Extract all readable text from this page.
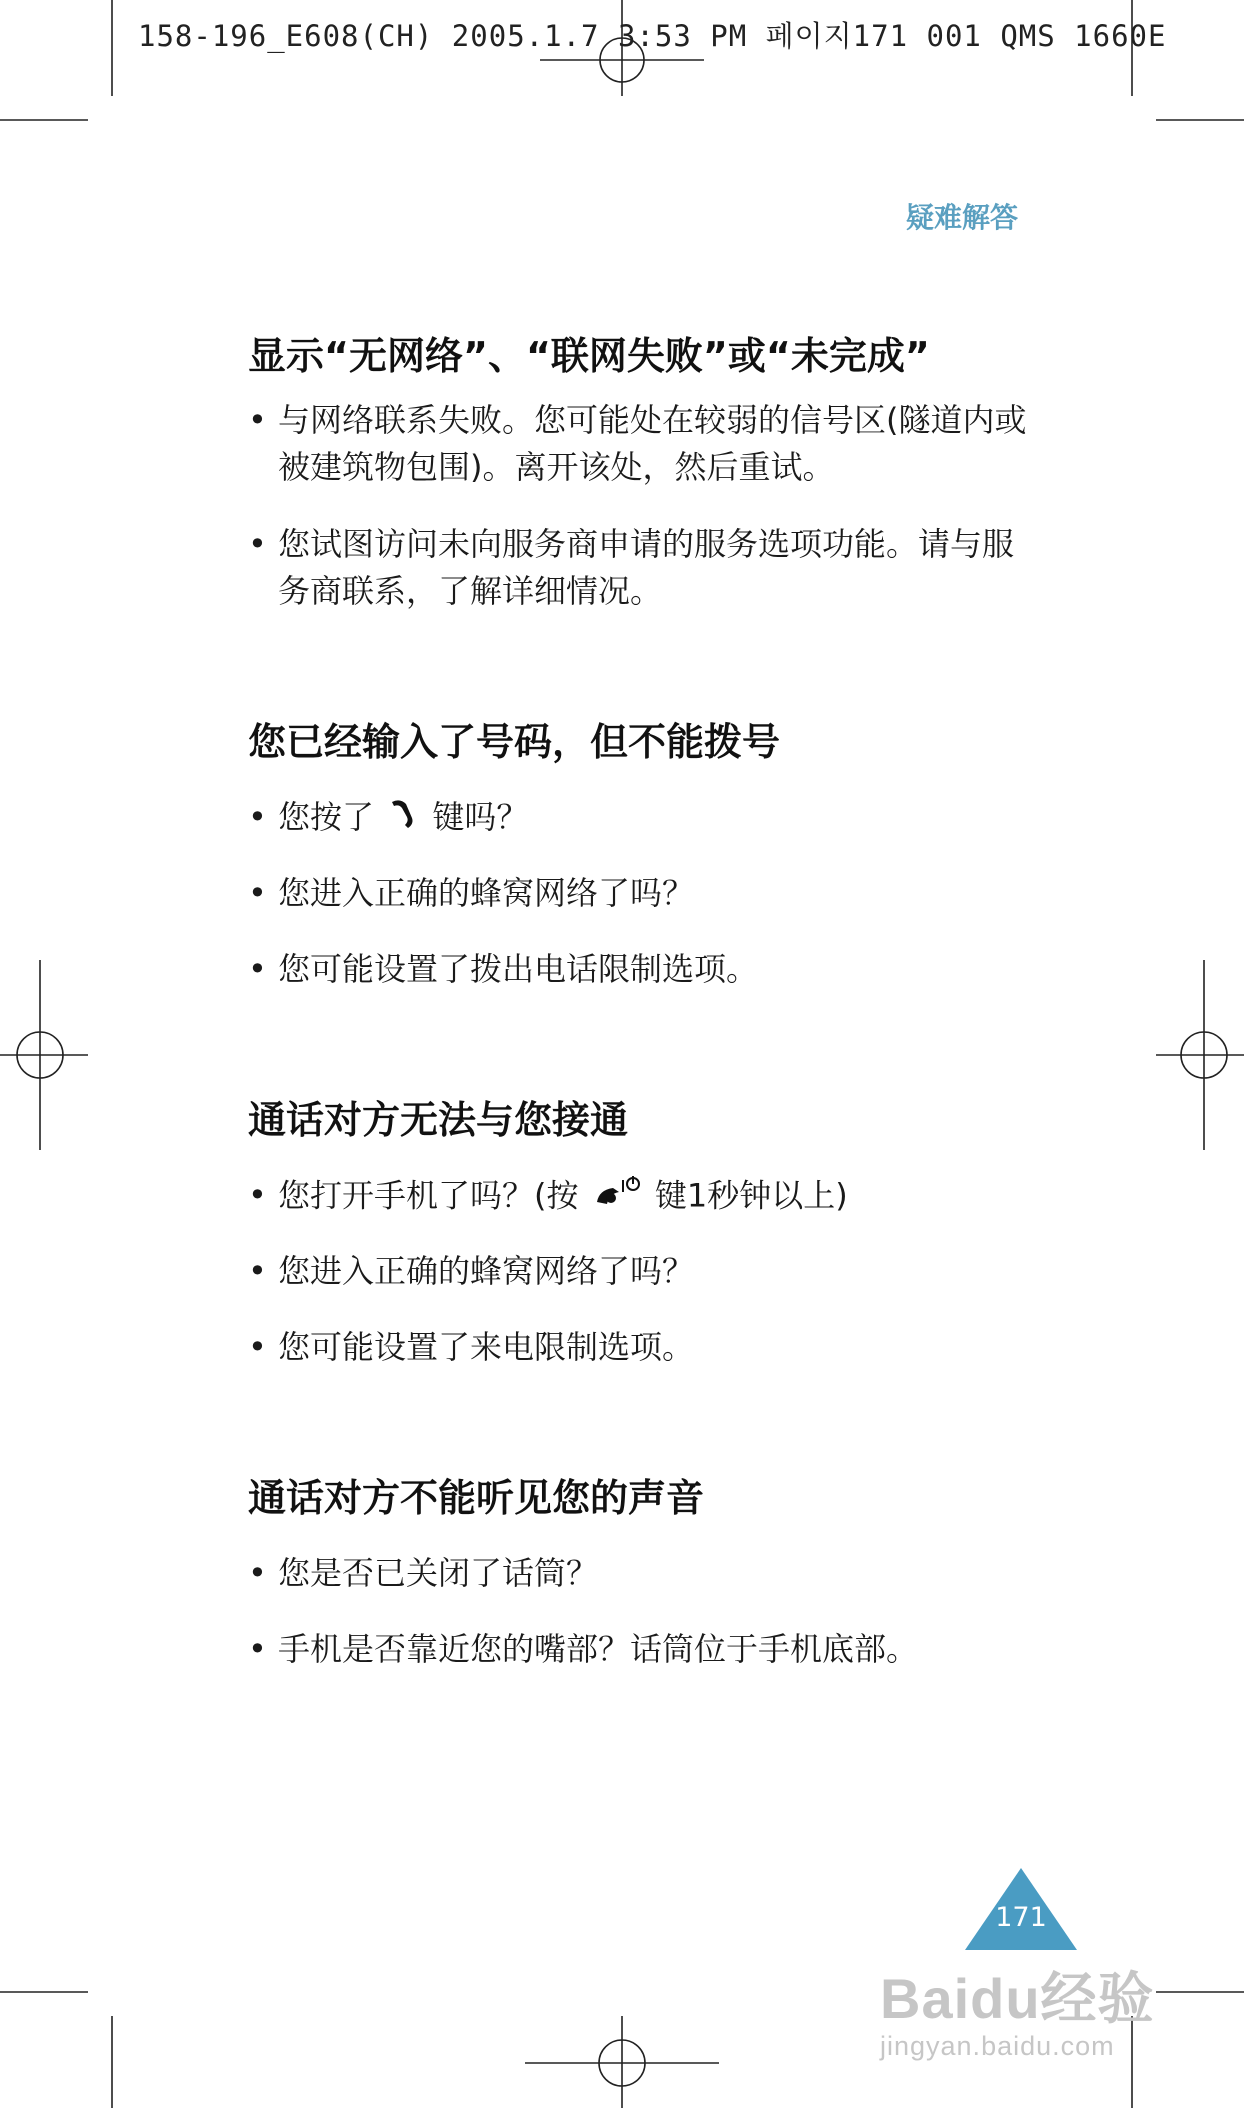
158-196_E608(CH) 2005.1.7 3:53 PM 페이지171 001 QMS 1660E
疑难解答
显示“无网络”、“联网失败”或“未完成”
• 与网络联系失败。您可能处在较弱的信号区(隧道内或被建筑物包围)。离开该处，然后重试。
• 您试图访问未向服务商申请的服务选项功能。请与服务商联系，了解详细情况。
您已经输入了号码，但不能拨号
• 您按了 键吗？
• 您进入正确的蜂窝网络了吗？
• 您可能设置了拨出电话限制选项。
通话对方无法与您接通
• 您打开手机了吗？(按 键1秒钟以上)
• 您进入正确的蜂窝网络了吗？
• 您可能设置了来电限制选项。
通话对方不能听见您的声音
• 您是否已关闭了话筒？
• 手机是否靠近您的嘴部？话筒位于手机底部。
171
Baidu经验
jingyan.baidu.com
